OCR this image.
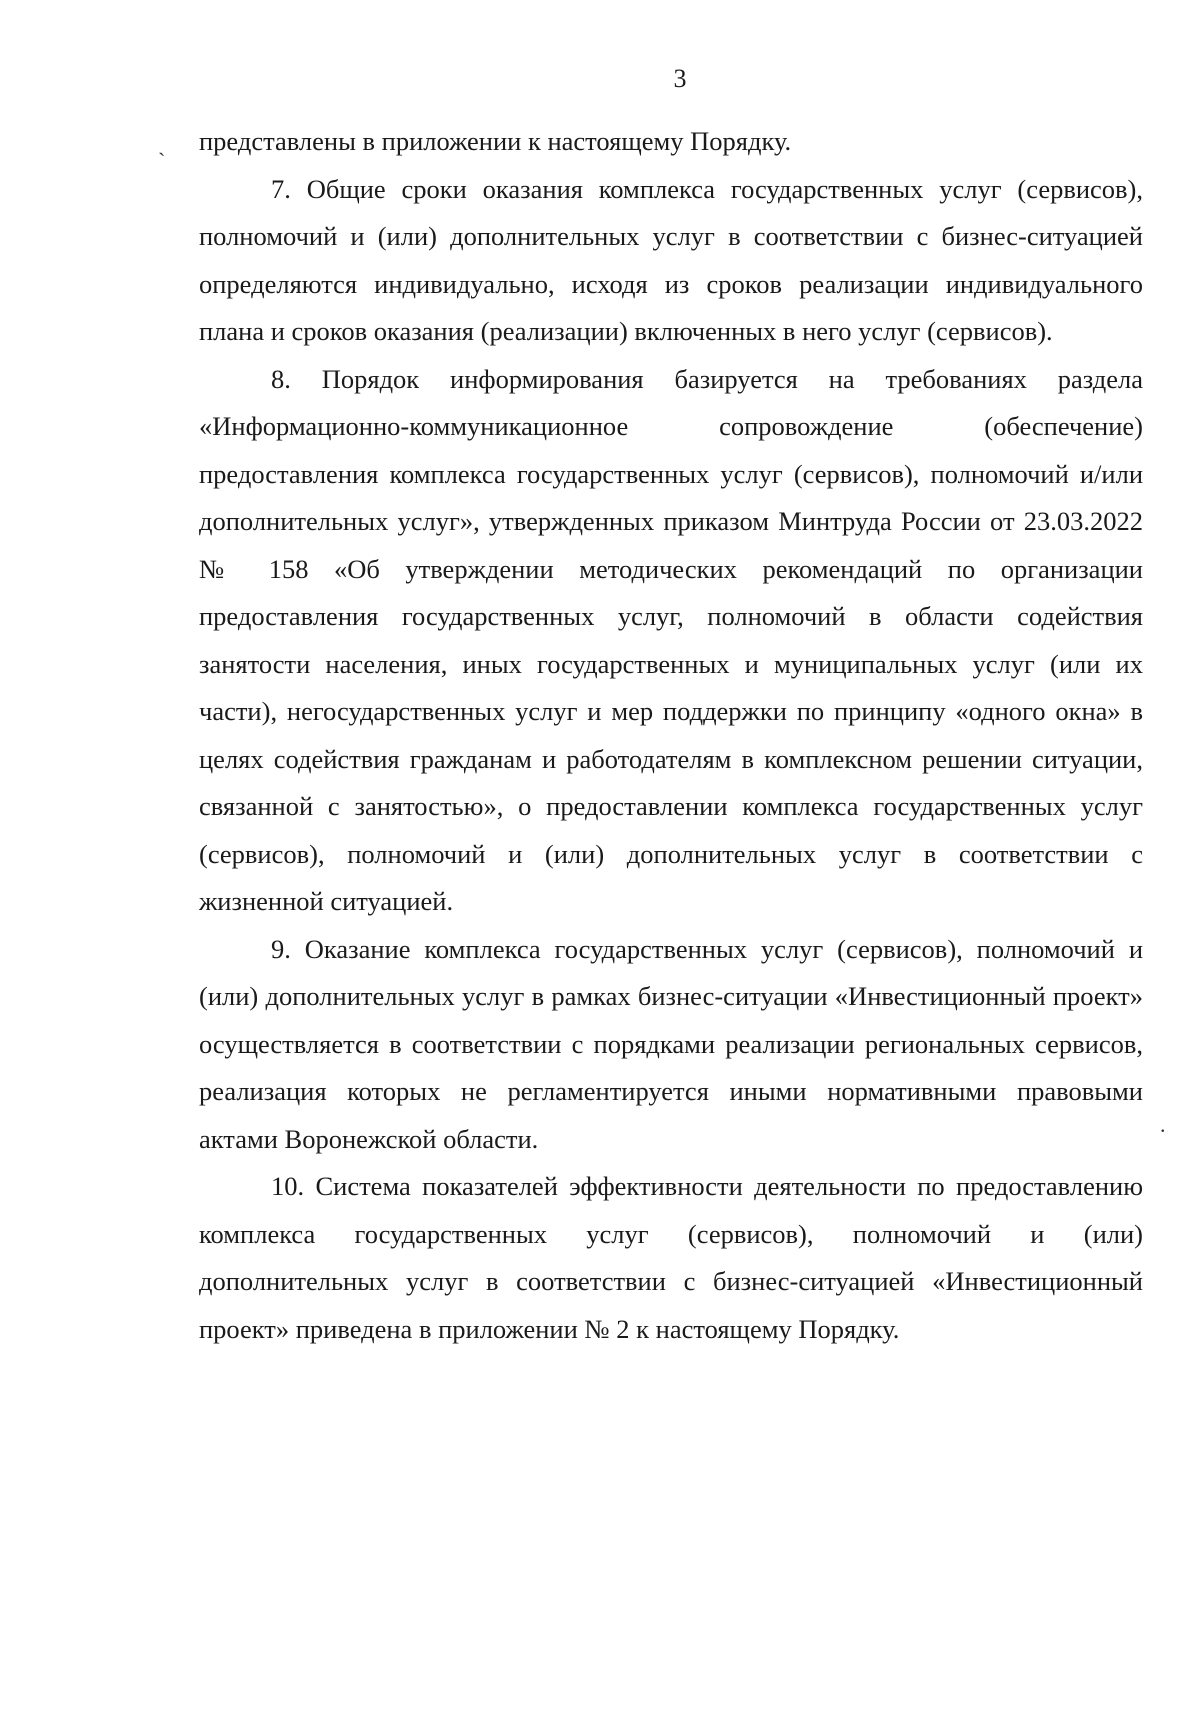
3
ˎ
.

представлены в приложении к настоящему Порядку.

7. Общие сроки оказания комплекса государственных услуг (сервисов), полномочий и (или) дополнительных услуг в соответствии с бизнес-ситуацией определяются индивидуально, исходя из сроков реализации индивидуального плана и сроков оказания (реализации) включенных в него услуг (сервисов).

8. Порядок информирования базируется на требованиях раздела «Информационно-коммуникационное сопровождение (обеспечение) предоставления комплекса государственных услуг (сервисов), полномочий и/или дополнительных услуг», утвержденных приказом Минтруда России от 23.03.2022 № 158 «Об утверждении методических рекомендаций по организации предоставления государственных услуг, полномочий в области содействия занятости населения, иных государственных и муниципальных услуг (или их части), негосударственных услуг и мер поддержки по принципу «одного окна» в целях содействия гражданам и работодателям в комплексном решении ситуации, связанной с занятостью», о предоставлении комплекса государственных услуг (сервисов), полномочий и (или) дополнительных услуг в соответствии с жизненной ситуацией.

9. Оказание комплекса государственных услуг (сервисов), полномочий и (или) дополнительных услуг в рамках бизнес-ситуации «Инвестиционный проект» осуществляется в соответствии с порядками реализации региональных сервисов, реализация которых не регламентируется иными нормативными правовыми актами Воронежской области.

10. Система показателей эффективности деятельности по предоставлению комплекса государственных услуг (сервисов), полномочий и (или) дополнительных услуг в соответствии с бизнес-ситуацией «Инвестиционный проект» приведена в приложении № 2 к настоящему Порядку.
